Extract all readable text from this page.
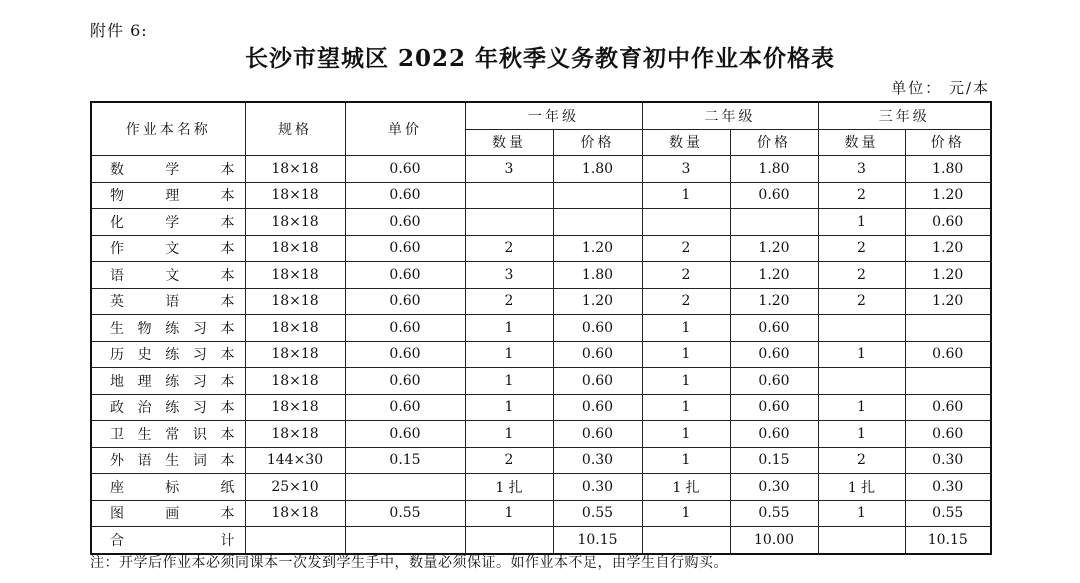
附件 6:
长沙市望城区 2022 年秋季义务教育初中作业本价格表
单位： 元/本
作业本名称	规格	单价	一年级		二年级		三年级	
			数量	价格	数量	价格	数量	价格

数 学 本	18×18	0.60	3	1.80	3	1.80	3	1.80

物 理 本	18×18	0.60			1	0.60	2	1.20

化 学 本	18×18	0.60					1	0.60

作 文 本	18×18	0.60	2	1.20	2	1.20	2	1.20

语 文 本	18×18	0.60	3	1.80	2	1.20	2	1.20

英 语 本	18×18	0.60	2	1.20	2	1.20	2	1.20

生 物 练 习 本	18×18	0.60	1	0.60	1	0.60		

历 史 练 习 本	18×18	0.60	1	0.60	1	0.60	1	0.60

地 理 练 习 本	18×18	0.60	1	0.60	1	0.60		

政 治 练 习 本	18×18	0.60	1	0.60	1	0.60	1	0.60

卫 生 常 识 本	18×18	0.60	1	0.60	1	0.60	1	0.60

外 语 生 词 本	144×30	0.15	2	0.30	1	0.15	2	0.30

座 标 纸	25×10		1 扎	0.30	1 扎	0.30	1 扎	0.30

图 画 本	18×18	0.55	1	0.55	1	0.55	1	0.55

合 计				10.15		10.00		10.15
注：开学后作业本必须同课本一次发到学生手中，数量必须保证。如作业本不足，由学生自行购买。
